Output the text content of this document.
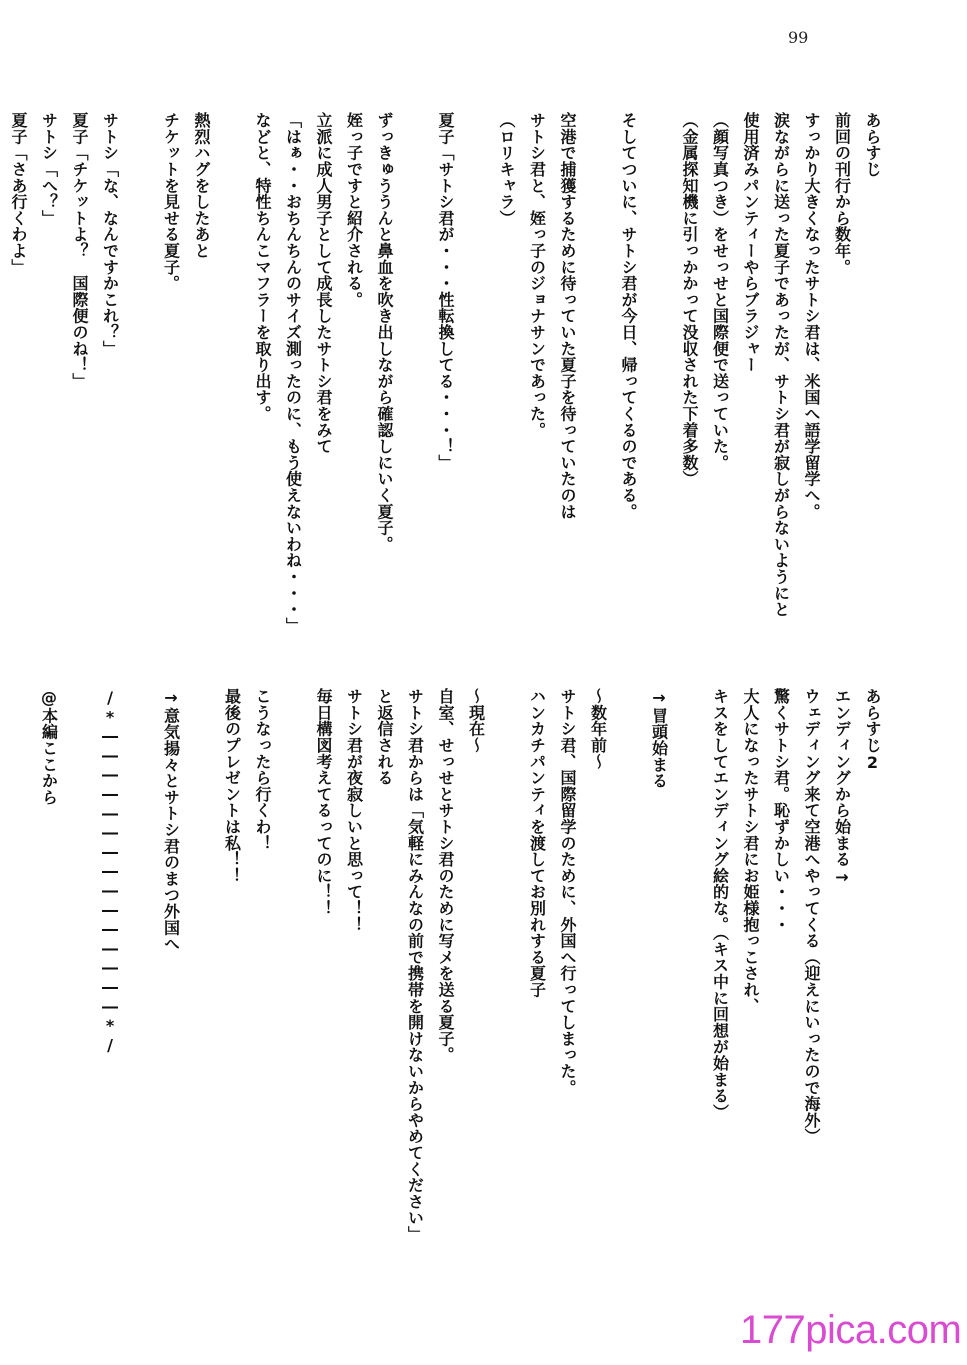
99
あらすじ
前回の刊行から数年。
すっかり大きくなったサトシ君は、米国へ語学留学へ。
涙ながらに送った夏子であったが、サトシ君が寂しがらないようにと
使用済みパンティーやらブラジャー
（顔写真つき）をせっせと国際便で送っていた。
（金属探知機に引っかかって没収された下着多数）

そしてついに、サトシ君が今日、帰ってくるのである。

空港で捕獲するために待っていた夏子を待っていたのは
サトシ君と、姪っ子のジョナサンであった。
（ロリキャラ）

夏子「サトシ君が・・・性転換してる・・・！」

ずっきゅううんと鼻血を吹き出しながら確認しにいく夏子。
姪っ子ですと紹介される。
立派に成人男子として成長したサトシ君をみて
「はぁ・・おちんちんのサイズ測ったのに、もう使えないわね・・・」
などと、特性ちんこマフラーを取り出す。

熱烈ハグをしたあと
チケットを見せる夏子。

サトシ「な、なんですかこれ？」
夏子「チケットよ？　国際便のね！」
サトシ「へ？」
夏子「さあ行くわよ」

あらすじ2
エンディングから始まる→
ウェディング来て空港へやってくる（迎えにいったので海外）
驚くサトシ君。恥ずかしい・・・
大人になったサトシ君にお姫様抱っこされ、
キスをしてエンディング絵的な。（キス中に回想が始まる）

→冒頭始まる

～数年前～
サトシ君、国際留学のために、外国へ行ってしまった。
ハンカチパンティを渡してお別れする夏子

～現在～
自室、せっせとサトシ君のために写メを送る夏子。
サトシ君からは「気軽にみんなの前で携帯を開けないからやめてください」
と返信される
サトシ君が夜寂しいと思って！！
毎日構図考えてるってのに！！

こうなったら行くわ！
最後のプレゼントは私！！

→意気揚々とサトシ君のまつ外国へ

/*―――――――――――――――*/

@本編ここから

177pica.com
